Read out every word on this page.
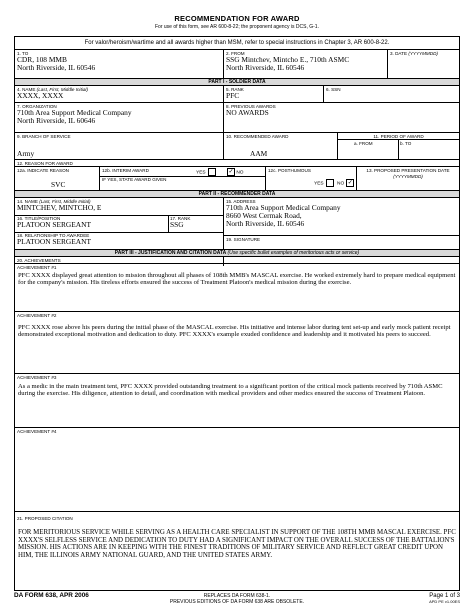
RECOMMENDATION FOR AWARD
For use of this form, see AR 600-8-22; the proponent agency is DCS, G-1.
For valor/heroism/wartime and all awards higher than MSM, refer to special instructions in Chapter 3, AR 600-8-22.
1. TO
CDR, 108 MMB
North Riverside, IL 60546
2. FROM
SSG Mintchev, Mintcho E., 710th ASMC
North Riverside, IL 60546
3. DATE (YYYYMMDD)
PART I - SOLDIER DATA
4. NAME (Last, First, Middle Initial)
XXXX, XXXX
5. RANK
PFC
6. SSN
7. ORGANIZATION
710th Area Support Medical Company
North Riverside, IL 60646
8. PREVIOUS AWARDS
NO AWARDS
9. BRANCH OF SERVICE
Army
10. RECOMMENDED AWARD
AAM
11. PERIOD OF AWARD
a. FROM	b. TO
12. REASON FOR AWARD
12a. INDICATE REASON
SVC
12b. INTERIM AWARD	YES	✓ NO
IF YES, STATE AWARD GIVEN
12c. POSTHUMOUS
YES	NO ✓
13. PROPOSED PRESENTATION DATE
(YYYYMMDD)
PART II - RECOMMENDER DATA
14. NAME (Last, First, Middle Initial)
MINTCHEV, MINTCHO, E
16. TITLE/POSITION
PLATOON SERGEANT
17. RANK
SSG
18. RELATIONSHIP TO AWARDEE
PLATOON SERGEANT
15. ADDRESS
710th Area Support Medical Company
8660 West Cermak Road,
North Riverside, IL 60546
19. SIGNATURE
PART III - JUSTIFICATION AND CITATION DATA (Use specific bullet examples of meritorious acts or service)
20. ACHIEVEMENTS
ACHIEVEMENT #1
PFC XXXX displayed great attention to mission throughout all phases of 108th MMB's MASCAL exercise. He worked extremely hard to prepare medical equipment for the company's mission. His tireless efforts ensured the success of Treatment Platoon's medical mission during the exercise.
ACHIEVEMENT #2
PFC XXXX rose above his peers during the initial phase of the MASCAL exercise. His initiative and intense labor during tent set-up and early mock patient receipt demonstrated exceptional motivation and dedication to duty. PFC XXXX's example exuded confidence and leadership and it motivated his peers to succeed.
ACHIEVEMENT #3
As a medic in the main treatment tent, PFC XXXX provided outstanding treatment to a significant portion of the critical mock patients received by 710th ASMC during the exercise. His diligence, attention to detail, and coordination with medical providers and other medics ensured the success of Treatment Platoon.
ACHIEVEMENT #4
21. PROPOSED CITATION
FOR MERITORIOUS SERVICE WHILE SERVING AS A HEALTH CARE SPECIALIST IN SUPPORT OF THE 108TH MMB MASCAL EXERCISE. PFC XXXX'S SELFLESS SERVICE AND DEDICATION TO DUTY HAD A SIGNIFICANT IMPACT ON THE OVERALL SUCCESS OF THE BATTALION'S MISSION. HIS ACTIONS ARE IN KEEPING WITH THE FINEST TRADITIONS OF MILITARY SERVICE AND REFLECT GREAT CREDIT UPON HIM, THE ILLINOIS ARMY NATIONAL GUARD, AND THE UNITED STATES ARMY.
DA FORM 638, APR 2006	REPLACES DA FORM 638-1.
PREVIOUS EDITIONS OF DA FORM 638 ARE OBSOLETE.
Page 1 of 3
APD PE v1.00ES
